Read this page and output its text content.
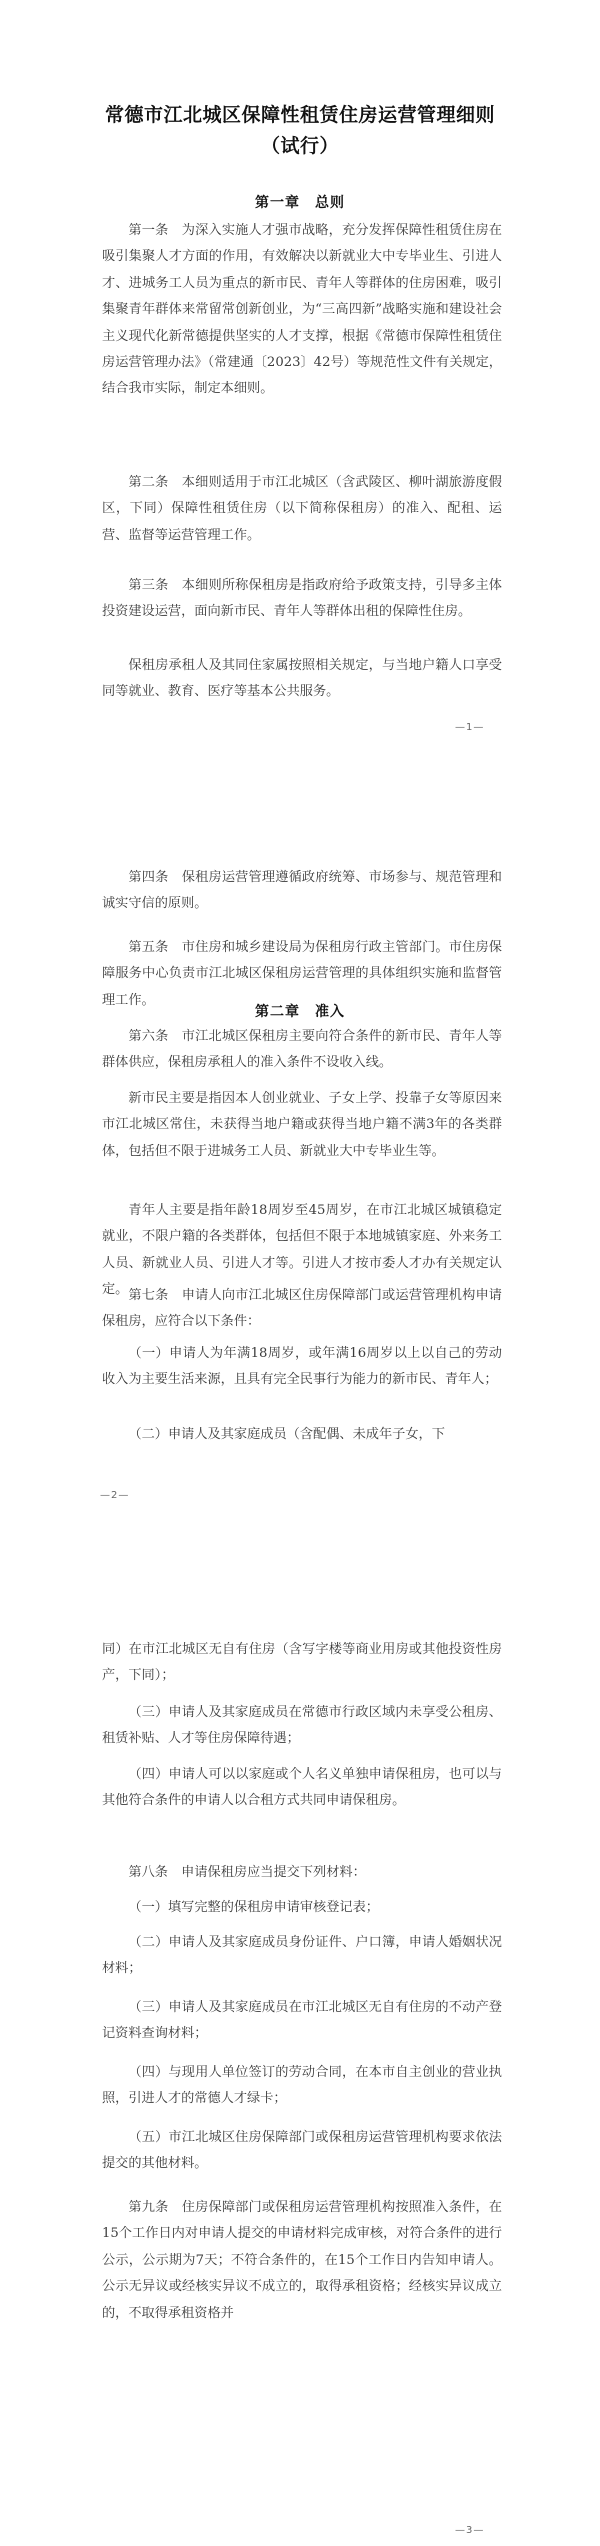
常德市江北城区保障性租赁住房运营管理细则
（试行）
第一章　总则
第一条　为深入实施人才强市战略，充分发挥保障性租赁住房在吸引集聚人才方面的作用，有效解决以新就业大中专毕业生、引进人才、进城务工人员为重点的新市民、青年人等群体的住房困难，吸引集聚青年群体来常留常创新创业，为“三高四新”战略实施和建设社会主义现代化新常德提供坚实的人才支撑，根据《常德市保障性租赁住房运营管理办法》（常建通〔2023〕42号）等规范性文件有关规定，结合我市实际，制定本细则。
第二条　本细则适用于市江北城区（含武陵区、柳叶湖旅游度假区，下同）保障性租赁住房（以下简称保租房）的准入、配租、运营、监督等运营管理工作。
第三条　本细则所称保租房是指政府给予政策支持，引导多主体投资建设运营，面向新市民、青年人等群体出租的保障性住房。
保租房承租人及其同住家属按照相关规定，与当地户籍人口享受同等就业、教育、医疗等基本公共服务。
—1—
第四条　保租房运营管理遵循政府统筹、市场参与、规范管理和诚实守信的原则。
第五条　市住房和城乡建设局为保租房行政主管部门。市住房保障服务中心负责市江北城区保租房运营管理的具体组织实施和监督管理工作。
第二章　准入
第六条　市江北城区保租房主要向符合条件的新市民、青年人等群体供应，保租房承租人的准入条件不设收入线。
新市民主要是指因本人创业就业、子女上学、投靠子女等原因来市江北城区常住，未获得当地户籍或获得当地户籍不满3年的各类群体，包括但不限于进城务工人员、新就业大中专毕业生等。
青年人主要是指年龄18周岁至45周岁，在市江北城区城镇稳定就业，不限户籍的各类群体，包括但不限于本地城镇家庭、外来务工人员、新就业人员、引进人才等。引进人才按市委人才办有关规定认定。 第七条　申请人向市江北城区住房保障部门或运营管理机构申请保租房，应符合以下条件：
（一）申请人为年满18周岁，或年满16周岁以上以自己的劳动收入为主要生活来源，且具有完全民事行为能力的新市民、青年人；
（二）申请人及其家庭成员（含配偶、未成年子女，下
—2—
同）在市江北城区无自有住房（含写字楼等商业用房或其他投资性房产，下同）；
（三）申请人及其家庭成员在常德市行政区域内未享受公租房、租赁补贴、人才等住房保障待遇；
（四）申请人可以以家庭或个人名义单独申请保租房，也可以与其他符合条件的申请人以合租方式共同申请保租房。
第八条　申请保租房应当提交下列材料：
（一）填写完整的保租房申请审核登记表；
（二）申请人及其家庭成员身份证件、户口簿，申请人婚姻状况材料；
（三）申请人及其家庭成员在市江北城区无自有住房的不动产登记资料查询材料；
（四）与现用人单位签订的劳动合同，在本市自主创业的营业执照，引进人才的常德人才绿卡；
（五）市江北城区住房保障部门或保租房运营管理机构要求依法提交的其他材料。
第九条　住房保障部门或保租房运营管理机构按照准入条件，在15个工作日内对申请人提交的申请材料完成审核，对符合条件的进行公示，公示期为7天；不符合条件的，在15个工作日内告知申请人。公示无异议或经核实异议不成立的，取得承租资格；经核实异议成立的，不取得承租资格并
—3—
